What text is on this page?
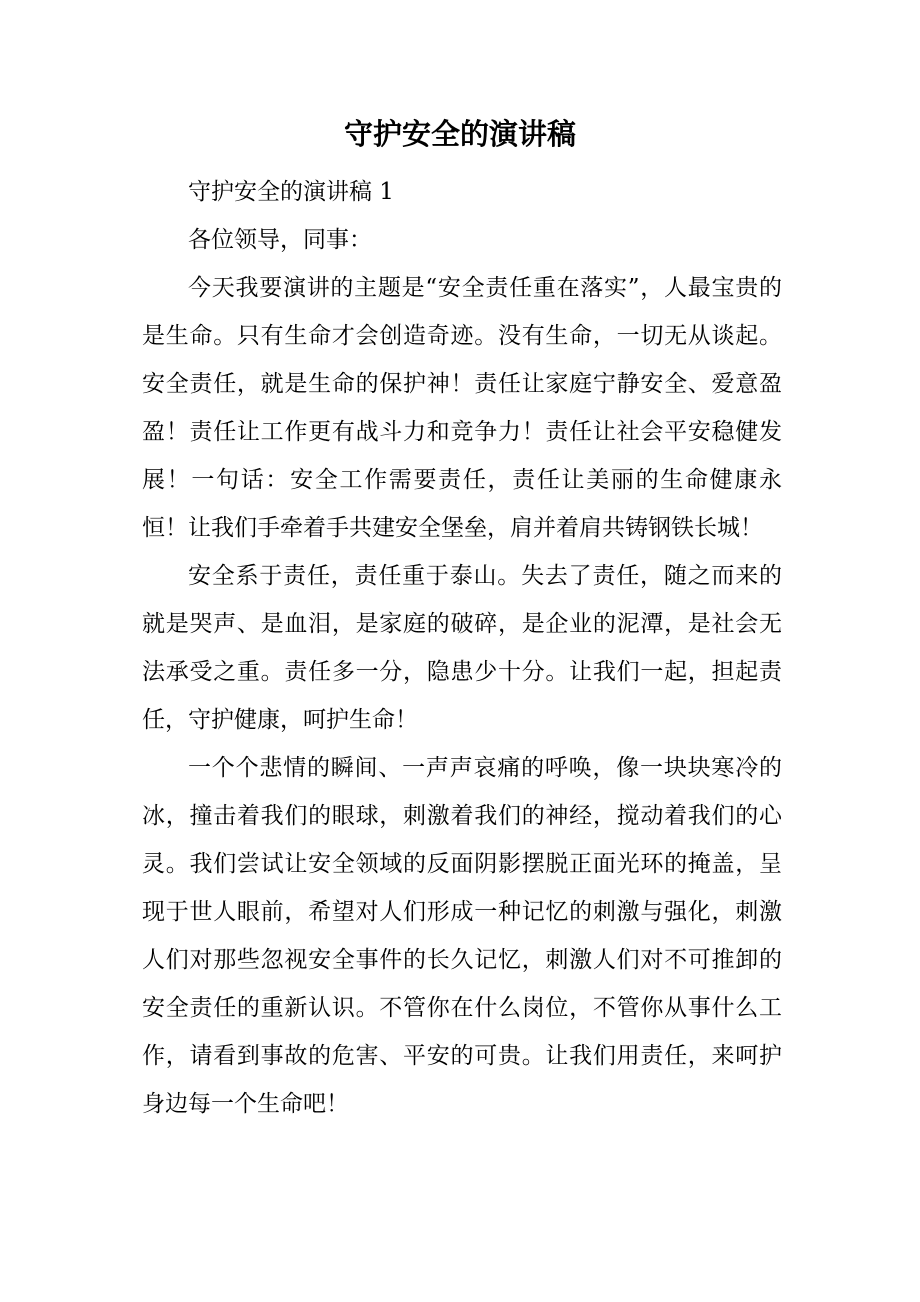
守护安全的演讲稿

守护安全的演讲稿 1

各位领导，同事：

今天我要演讲的主题是“安全责任重在落实”，人最宝贵的是生命。只有生命才会创造奇迹。没有生命，一切无从谈起。安全责任，就是生命的保护神！责任让家庭宁静安全、爱意盈盈！责任让工作更有战斗力和竞争力！责任让社会平安稳健发展！一句话：安全工作需要责任，责任让美丽的生命健康永恒！让我们手牵着手共建安全堡垒，肩并着肩共铸钢铁长城！

安全系于责任，责任重于泰山。失去了责任，随之而来的就是哭声、是血泪，是家庭的破碎，是企业的泥潭，是社会无法承受之重。责任多一分，隐患少十分。让我们一起，担起责任，守护健康，呵护生命！

一个个悲情的瞬间、一声声哀痛的呼唤，像一块块寒冷的冰，撞击着我们的眼球，刺激着我们的神经，搅动着我们的心灵。我们尝试让安全领域的反面阴影摆脱正面光环的掩盖，呈现于世人眼前，希望对人们形成一种记忆的刺激与强化，刺激人们对那些忽视安全事件的长久记忆，刺激人们对不可推卸的安全责任的重新认识。不管你在什么岗位，不管你从事什么工作，请看到事故的危害、平安的可贵。让我们用责任，来呵护身边每一个生命吧！
